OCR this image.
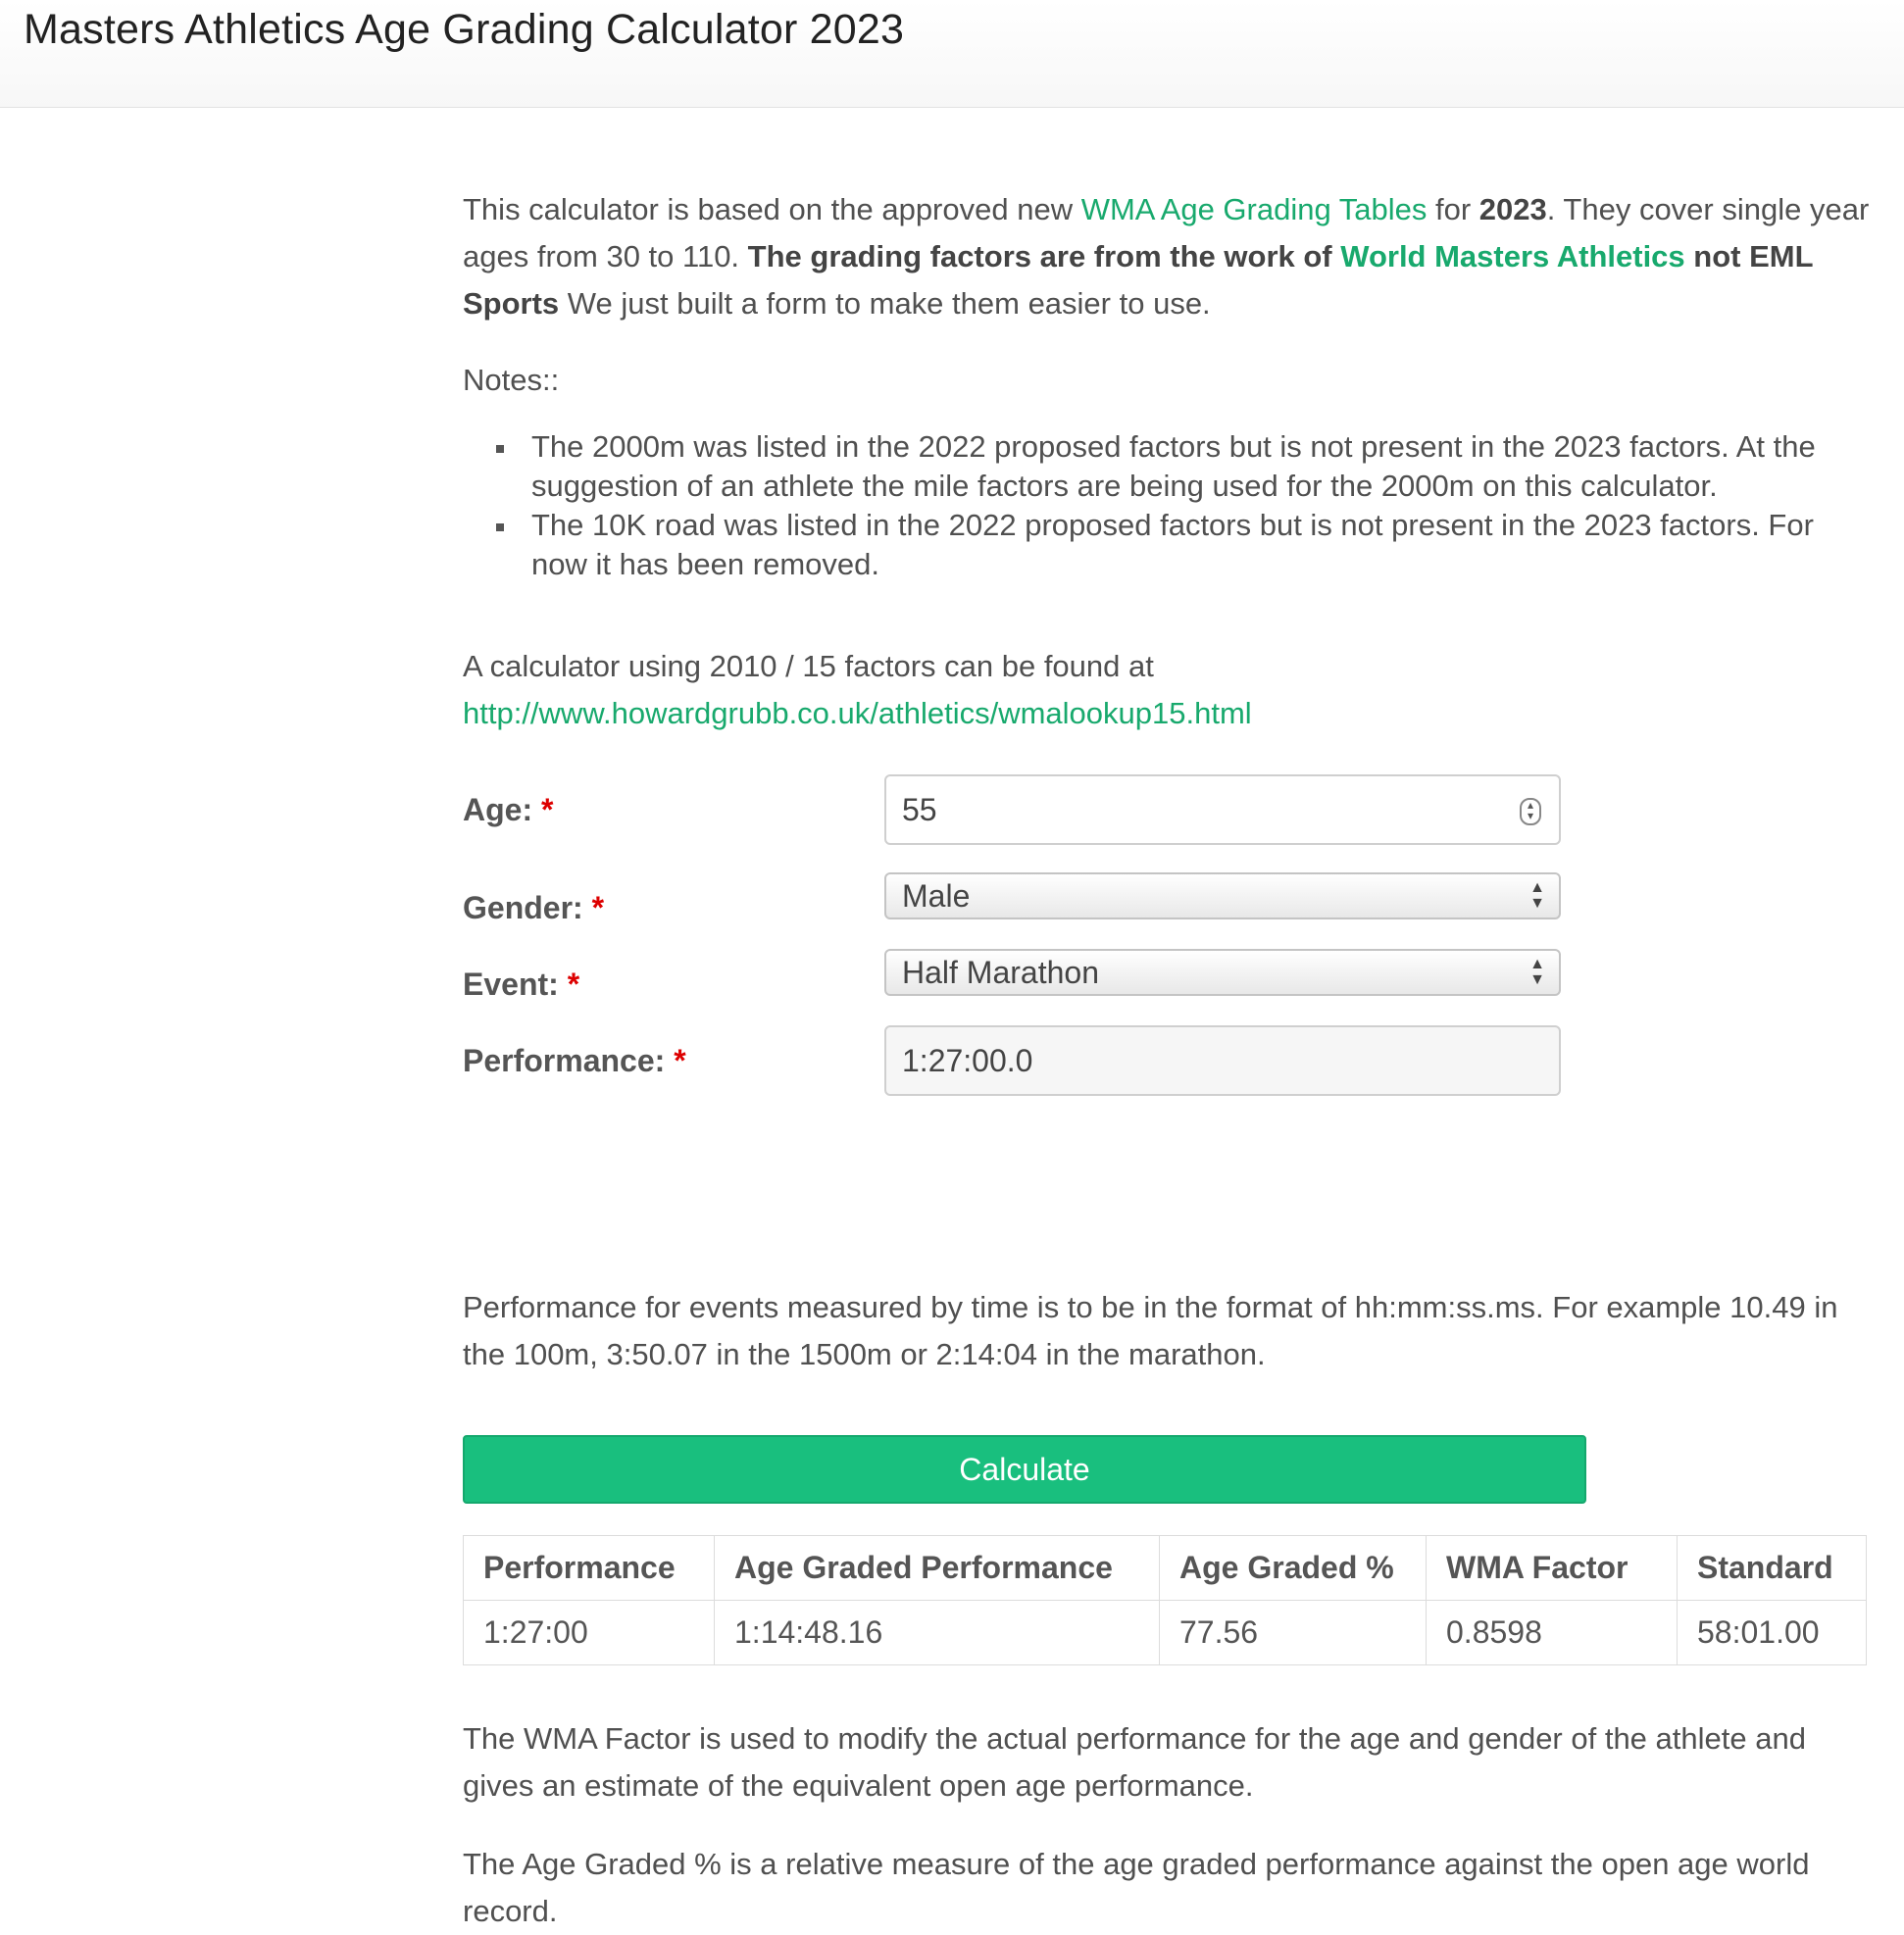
Masters Athletics Age Grading Calculator 2023

This calculator is based on the approved new WMA Age Grading Tables for 2023. They cover single year ages from 30 to 110. The grading factors are from the work of World Masters Athletics not EML Sports We just built a form to make them easier to use.

Notes::

The 2000m was listed in the 2022 proposed factors but is not present in the 2023 factors. At the suggestion of an athlete the mile factors are being used for the 2000m on this calculator.
The 10K road was listed in the 2022 proposed factors but is not present in the 2023 factors. For now it has been removed.

A calculator using 2010 / 15 factors can be found at
http://www.howardgrubb.co.uk/athletics/wmalookup15.html

Age: *	55	▴
▾
Gender: *	Male	▲
▼
Event: *	Half Marathon	▲
▼
Performance: *	1:27:00.0

Performance for events measured by time is to be in the format of hh:mm:ss.ms. For example 10.49 in the 100m, 3:50.07 in the 1500m or 2:14:04 in the marathon.

Calculate
Performance	Age Graded Performance	Age Graded %	WMA Factor	Standard
1:27:00	1:14:48.16	77.56	0.8598	58:01.00

The WMA Factor is used to modify the actual performance for the age and gender of the athlete and gives an estimate of the equivalent open age performance.

The Age Graded % is a relative measure of the age graded performance against the open age world record.
